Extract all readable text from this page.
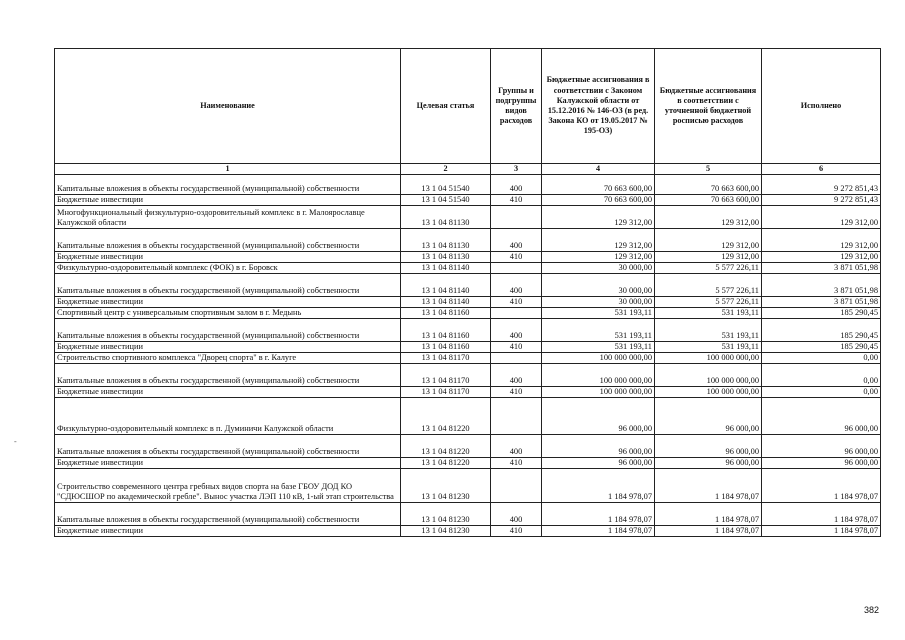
Наименование	Целевая статья	Группы и подгруппы видов расходов	Бюджетные ассигнования в соответствии с Законом Калужской области от 15.12.2016 № 146-ОЗ (в ред. Закона КО от 19.05.2017 № 195-ОЗ)	Бюджетные ассигнования в соответствии с уточненной бюджетной росписью расходов	Исполнено
1	2	3	4	5	6
Капитальные вложения в объекты государственной (муниципальной) собственности	13 1 04 51540	400	70 663 600,00	70 663 600,00	9 272 851,43
Бюджетные инвестиции	13 1 04 51540	410	70 663 600,00	70 663 600,00	9 272 851,43
Многофункциональный физкультурно-оздоровительный комплекс в г. Малоярославце Калужской области	13 1 04 81130		129 312,00	129 312,00	129 312,00
Капитальные вложения в объекты государственной (муниципальной) собственности	13 1 04 81130	400	129 312,00	129 312,00	129 312,00
Бюджетные инвестиции	13 1 04 81130	410	129 312,00	129 312,00	129 312,00
Физкультурно-оздоровительный комплекс (ФОК) в г. Боровск	13 1 04 81140		30 000,00	5 577 226,11	3 871 051,98
Капитальные вложения в объекты государственной (муниципальной) собственности	13 1 04 81140	400	30 000,00	5 577 226,11	3 871 051,98
Бюджетные инвестиции	13 1 04 81140	410	30 000,00	5 577 226,11	3 871 051,98
Спортивный центр с универсальным спортивным залом в г. Медынь	13 1 04 81160		531 193,11	531 193,11	185 290,45
Капитальные вложения в объекты государственной (муниципальной) собственности	13 1 04 81160	400	531 193,11	531 193,11	185 290,45
Бюджетные инвестиции	13 1 04 81160	410	531 193,11	531 193,11	185 290,45
Строительство спортивного комплекса "Дворец спорта" в г. Калуге	13 1 04 81170		100 000 000,00	100 000 000,00	0,00
Капитальные вложения в объекты государственной (муниципальной) собственности	13 1 04 81170	400	100 000 000,00	100 000 000,00	0,00
Бюджетные инвестиции	13 1 04 81170	410	100 000 000,00	100 000 000,00	0,00
Физкультурно-оздоровительный комплекс в п. Думиничи Калужской области	13 1 04 81220		96 000,00	96 000,00	96 000,00
Капитальные вложения в объекты государственной (муниципальной) собственности	13 1 04 81220	400	96 000,00	96 000,00	96 000,00
Бюджетные инвестиции	13 1 04 81220	410	96 000,00	96 000,00	96 000,00
Строительство современного центра гребных видов спорта на базе ГБОУ ДОД КО "СДЮСШОР по академической гребле". Вынос участка ЛЭП 110 кВ, 1-ый этап строительства	13 1 04 81230		1 184 978,07	1 184 978,07	1 184 978,07
Капитальные вложения в объекты государственной (муниципальной) собственности	13 1 04 81230	400	1 184 978,07	1 184 978,07	1 184 978,07
Бюджетные инвестиции	13 1 04 81230	410	1 184 978,07	1 184 978,07	1 184 978,07
-
382
